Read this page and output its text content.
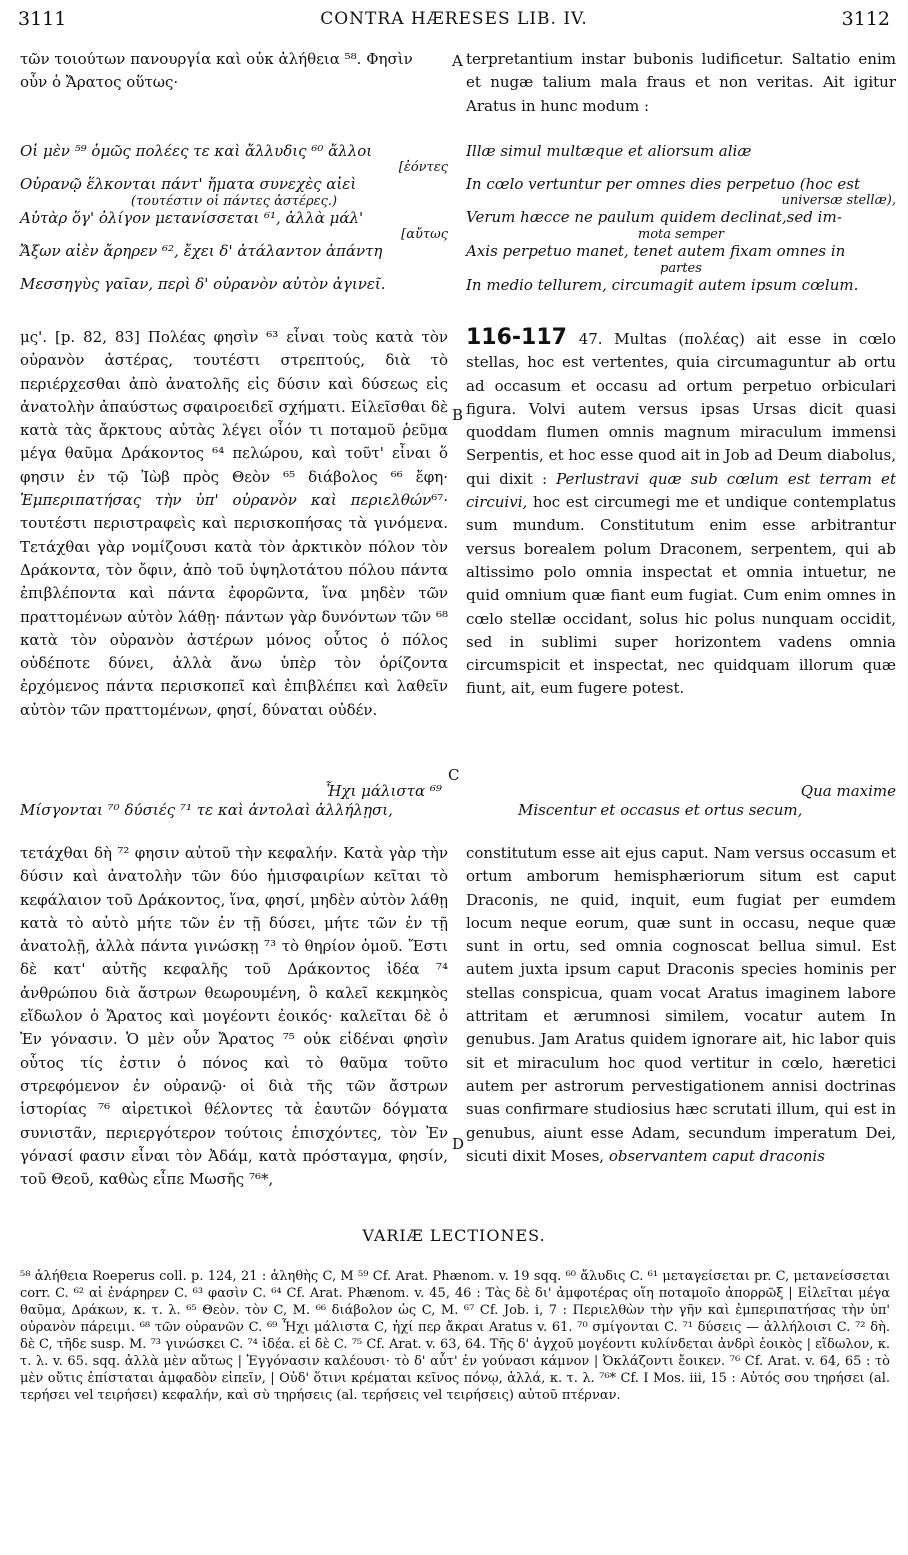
3111	CONTRA HÆRESES LIB. IV.	3112
A
B
C
D

τῶν τοιούτων πανουργία καὶ οὐκ ἀλήθεια ⁵⁸. Φησὶν

οὖν ὁ Ἄρατος οὕτως·

terpretantium instar bubonis ludificetur. Saltatio enim et nugæ talium mala fraus et non veritas. Ait igitur Aratus in hunc modum :

Οἱ μὲν ⁵⁹ ὁμῶς πολέες τε καὶ ἄλλυδις ⁶⁰ ἄλλοι

[ἐόντες

Οὐρανῷ ἕλκονται πάντ' ἤματα συνεχὲς αἰεὶ

(τουτέστιν οἱ πάντες ἀστέρες.)

Αὐτὰρ ὅγ' ὀλίγον μετανίσσεται ⁶¹, ἀλλὰ μάλ'

[αὔτως

Ἄξων αἰὲν ἄρηρεν ⁶², ἔχει δ' ἀτάλαντον ἁπάντη

Μεσσηγὺς γαῖαν, περὶ δ' οὐρανὸν αὐτὸν ἀγινεῖ.

Illæ simul multæque et aliorsum aliæ

In cœlo vertuntur per omnes dies perpetuo (hoc est

universæ stellæ),

Verum hæcce ne paulum quidem declinat,sed im-

mota semper

Axis perpetuo manet, tenet autem fixam omnes in

partes

In medio tellurem, circumagit autem ipsum cœlum.

μς'. [p. 82, 83] Πολέας φησὶν ⁶³ εἶναι τοὺς κατὰ τὸν οὐρανὸν ἀστέρας, τουτέστι στρεπτούς, διὰ τὸ περιέρχεσθαι ἀπὸ ἀνατολῆς εἰς δύσιν καὶ δύσεως εἰς ἀνατολὴν ἀπαύστως σφαιροειδεῖ σχήματι. Εἱλεῖσθαι δὲ κατὰ τὰς ἄρκτους αὐτὰς λέγει οἷόν τι ποταμοῦ ῥεῦμα μέγα θαῦμα Δράκοντος ⁶⁴ πελώρου, καὶ τοῦτ' εἶναι ὅ φησιν ἐν τῷ Ἰὼβ πρὸς Θεὸν ⁶⁵ διάβολος ⁶⁶ ἔφη· Ἐμπεριπατήσας τὴν ὑπ' οὐρανὸν καὶ περιελθών⁶⁷· τουτέστι περιστραφεὶς καὶ περισκοπήσας τὰ γινόμενα. Τετάχθαι γὰρ νομίζουσι κατὰ τὸν ἀρκτικὸν πόλον τὸν Δράκοντα, τὸν ὄφιν, ἀπὸ τοῦ ὑψηλοτάτου πόλου πάντα ἐπιβλέποντα καὶ πάντα ἐφορῶντα, ἵνα μηδὲν τῶν πραττομένων αὐτὸν λάθῃ· πάντων γὰρ δυνόντων τῶν ⁶⁸ κατὰ τὸν οὐρανὸν ἀστέρων μόνος οὗτος ὁ πόλος οὐδέποτε δύνει, ἀλλὰ ἄνω ὑπὲρ τὸν ὁρίζοντα ἐρχόμενος πάντα περισκοπεῖ καὶ ἐπιβλέπει καὶ λαθεῖν αὐτὸν τῶν πραττομένων, φησί, δύναται οὐδέν.

116-117 47. Multas (πολέας) ait esse in cœlo stellas, hoc est vertentes, quia circumaguntur ab ortu ad occasum et occasu ad ortum perpetuo orbiculari figura. Volvi autem versus ipsas Ursas dicit quasi quoddam flumen omnis magnum miraculum immensi Serpentis, et hoc esse quod ait in Job ad Deum diabolus, qui dixit : Perlustravi quæ sub cœlum est terram et circuivi, hoc est circumegi me et undique contemplatus sum mundum. Constitutum enim esse arbitrantur versus borealem polum Draconem, serpentem, qui ab altissimo polo omnia inspectat et omnia intuetur, ne quid omnium quæ fiant eum fugiat. Cum enim omnes in cœlo stellæ occidant, solus hic polus nunquam occidit, sed in sublimi super horizontem vadens omnia circumspicit et inspectat, nec quidquam illorum quæ fiunt, ait, eum fugere potest.

Ἧχι μάλιστα ⁶⁹

Μίσγονται ⁷⁰ δύσιές ⁷¹ τε καὶ ἀντολαὶ ἀλλήλῃσι,

Qua maxime

Miscentur et occasus et ortus secum,

τετάχθαι δὴ ⁷² φησιν αὐτοῦ τὴν κεφαλήν. Κατὰ γὰρ τὴν δύσιν καὶ ἀνατολὴν τῶν δύο ἡμισφαιρίων κεῖται τὸ κεφάλαιον τοῦ Δράκοντος, ἵνα, φησί, μηδὲν αὐτὸν λάθῃ κατὰ τὸ αὐτὸ μήτε τῶν ἐν τῇ δύσει, μήτε τῶν ἐν τῇ ἀνατολῇ, ἀλλὰ πάντα γινώσκῃ ⁷³ τὸ θηρίον ὁμοῦ. Ἔστι δὲ κατ' αὐτῆς κεφαλῆς τοῦ Δράκοντος ἰδέα ⁷⁴ ἀνθρώπου διὰ ἄστρων θεωρουμένη, ὃ καλεῖ κεκμηκὸς εἴδωλον ὁ Ἄρατος καὶ μογέοντι ἐοικός· καλεῖται δὲ ὁ Ἐν γόνασιν. Ὁ μὲν οὖν Ἄρατος ⁷⁵ οὐκ εἰδέναι φησὶν οὗτος τίς ἐστιν ὁ πόνος καὶ τὸ θαῦμα τοῦτο στρεφόμενον ἐν οὐρανῷ· οἱ διὰ τῆς τῶν ἄστρων ἱστορίας ⁷⁶ αἱρετικοὶ θέλοντες τὰ ἑαυτῶν δόγματα συνιστᾶν, περιεργότερον τούτοις ἐπισχόντες, τὸν Ἐν γόνασί φασιν εἶναι τὸν Ἀδάμ, κατὰ πρόσταγμα, φησίν, τοῦ Θεοῦ, καθὼς εἶπε Μωσῆς ⁷⁶*,

constitutum esse ait ejus caput. Nam versus occasum et ortum amborum hemisphæriorum situm est caput Draconis, ne quid, inquit, eum fugiat per eumdem locum neque eorum, quæ sunt in occasu, neque quæ sunt in ortu, sed omnia cognoscat bellua simul. Est autem juxta ipsum caput Draconis species hominis per stellas conspicua, quam vocat Aratus imaginem labore attritam et ærumnosi similem, vocatur autem In genubus. Jam Aratus quidem ignorare ait, hic labor quis sit et miraculum hoc quod vertitur in cœlo, hæretici autem per astrorum pervestigationem annisi doctrinas suas confirmare studiosius hæc scrutati illum, qui est in genubus, aiunt esse Adam, secundum imperatum Dei, sicuti dixit Moses, observantem caput draconis

VARIÆ LECTIONES.

⁵⁸ ἀλήθεια Roeperus coll. p. 124, 21 : ἀληθὴς C, M ⁵⁹ Cf. Arat. Phænom. v. 19 sqq. ⁶⁰ ἄλυδις C. ⁶¹ μεταγείσεται pr. C, μετανείσσεται corr. C. ⁶² αἱ ἐνάρηρεν C. ⁶³ φασὶν C. ⁶⁴ Cf. Arat. Phænom. v. 45, 46 : Τὰς δὲ δι' ἀμφοτέρας οἵη ποταμοῖο ἀπορρῶξ | Εἱλεῖται μέγα θαῦμα, Δράκων, κ. τ. λ. ⁶⁵ Θεὸν. τὸν C, M. ⁶⁶ διάβολον ὡς C, M. ⁶⁷ Cf. Job. i, 7 : Περιελθὼν τὴν γῆν καὶ ἐμπεριπατήσας τὴν ὑπ' οὐρανὸν πάρειμι. ⁶⁸ τῶν οὐρανῶν C. ⁶⁹ Ἧχι μάλιστα C, ἠχί περ ἄκραι Aratus v. 61. ⁷⁰ σμίγονται C. ⁷¹ δύσεις — ἀλλήλοισι C. ⁷² δὴ. δὲ C, τῆδε susp. M. ⁷³ γινώσκει C. ⁷⁴ ἰδέα. εἰ δὲ C. ⁷⁵ Cf. Arat. v. 63, 64. Τῆς δ' ἀγχοῦ μογέοντι κυλίνδεται ἀνδρὶ ἐοικὸς | εἴδωλον, κ. τ. λ. v. 65. sqq. ἀλλὰ μὲν αὔτως | Ἐγγόνασιν καλέουσι· τὸ δ' αὖτ' ἐν γούνασι κάμνον | Ὀκλάζοντι ἔοικεν. ⁷⁶ Cf. Arat. v. 64, 65 : τὸ μὲν οὔτις ἐπίσταται ἀμφαδὸν εἰπεῖν, | Οὐδ' ὅτινι κρέμαται κεῖνος πόνῳ, ἀλλά, κ. τ. λ. ⁷⁶* Cf. I Mos. iii, 15 : Αὐτός σου τηρήσει (al. τερήσει vel τειρήσει) κεφαλήν, καὶ σὺ τηρήσεις (al. τερήσεις vel τειρήσεις) αὐτοῦ πτέρναν.
